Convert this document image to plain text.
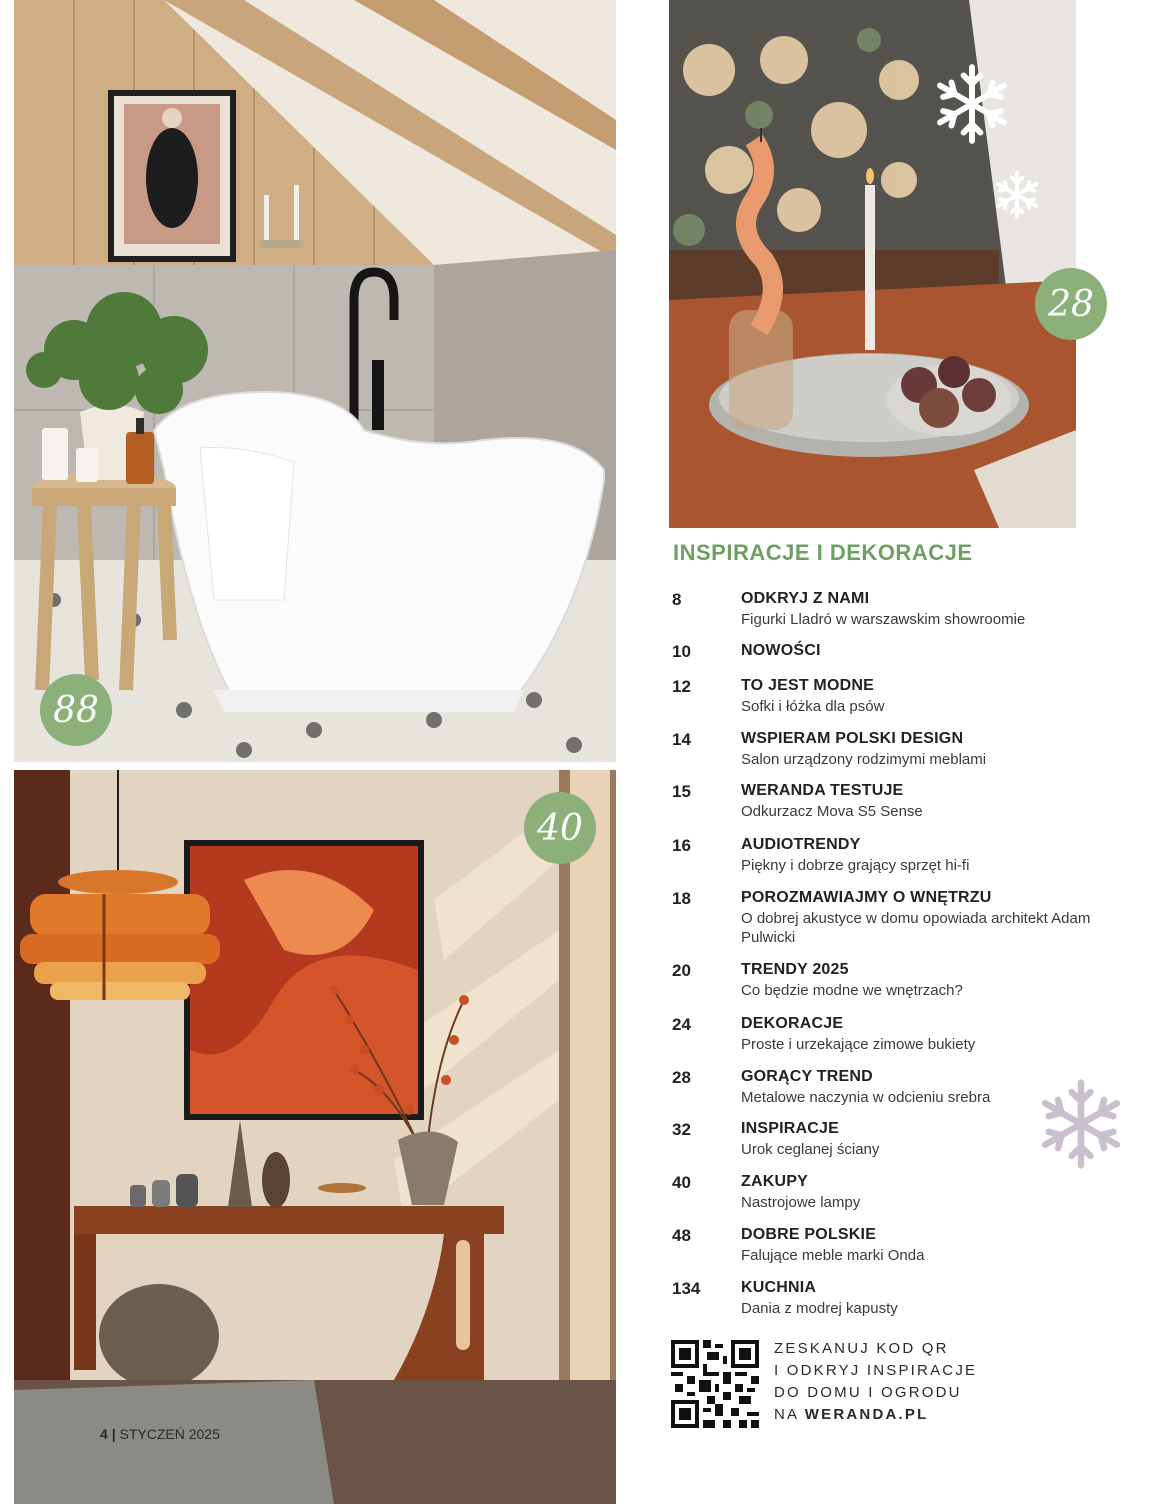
88
28
40
INSPIRACJE I DEKORACJE
8	ODKRYJ Z NAMI
Figurki Lladró w warszawskim showroomie
10	NOWOŚCI
12	TO JEST MODNE
Sofki i łóżka dla psów
14	WSPIERAM POLSKI DESIGN
Salon urządzony rodzimymi meblami
15	WERANDA TESTUJE
Odkurzacz Mova S5 Sense
16	AUDIOTRENDY
Piękny i dobrze grający sprzęt hi-fi
18	POROZMAWIAJMY O WNĘTRZU
O dobrej akustyce w domu opowiada architekt Adam Pulwicki
20	TRENDY 2025
Co będzie modne we wnętrzach?
24	DEKORACJE
Proste i urzekające zimowe bukiety
28	GORĄCY TREND
Metalowe naczynia w odcieniu srebra
32	INSPIRACJE
Urok ceglanej ściany
40	ZAKUPY
Nastrojowe lampy
48	DOBRE POLSKIE
Falujące meble marki Onda
134	KUCHNIA
Dania z modrej kapusty
ZESKANUJ KOD QR
I ODKRYJ INSPIRACJE
DO DOMU I OGRODU
NA WERANDA.PL
4 | STYCZEŃ 2025
